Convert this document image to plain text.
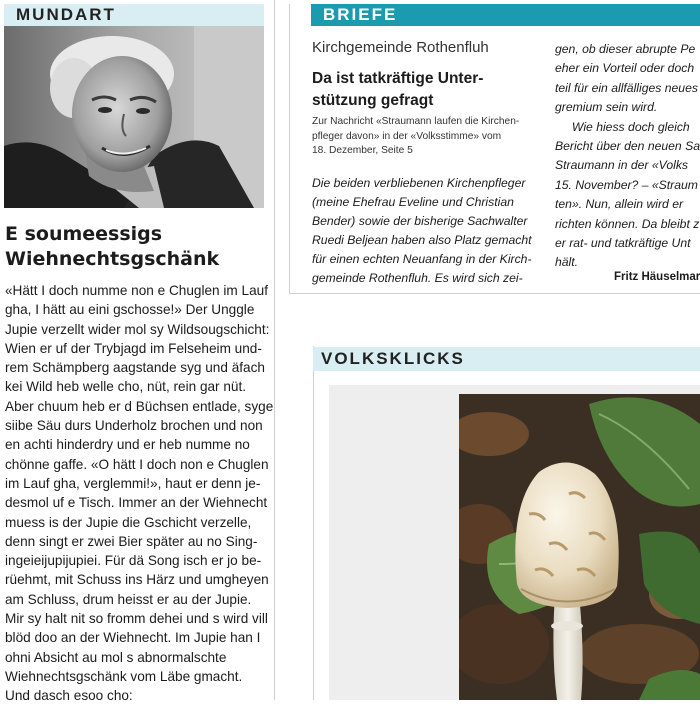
MUNDART
E soumeessigs
Wiehnechtsgschänk
«Hätt I doch numme non e Chuglen im Lauf
gha, I hätt au eini gschosse!» Der Unggle
Jupie verzellt wider mol sy Wildsougschicht:
Wien er uf der Trybjagd im Felseheim und-
rem Schämpberg aagstande syg und äfach
kei Wild heb welle cho, nüt, rein gar nüt.
Aber chuum heb er d Büchsen entlade, syge
siibe Säu durs Underholz brochen und non
en achti hinderdry und er heb numme no
chönne gaffe. «O hätt I doch non e Chuglen
im Lauf gha, verglemmi!», haut er denn je-
desmol uf e Tisch. Immer an der Wiehnecht
muess is der Jupie die Gschicht verzelle,
denn singt er zwei Bier später au no Sing-
ingeieijupijupiei. Für dä Song isch er jo be-
rüehmt, mit Schuss ins Härz und umgheyen
am Schluss, drum heisst er au der Jupie.
Mir sy halt nit so fromm dehei und s wird vill
blöd doo an der Wiehnecht. Im Jupie han I
ohni Absicht au mol s abnormalschte
Wiehnechtsgschänk vom Läbe gmacht.
Und dasch esoo cho:
BRIEFE
Kirchgemeinde Rothenfluh
Da ist tatkräftige Unter-
stützung gefragt
Zur Nachricht «Straumann laufen die Kirchen-
pfleger davon» in der «Volksstimme» vom
18. Dezember, Seite 5
Die beiden verbliebenen Kirchenpfleger
(meine Ehefrau Eveline und Christian
Bender) sowie der bisherige Sachwalter
Ruedi Beljean haben also Platz gemacht
für einen echten Neuanfang in der Kirch-
gemeinde Rothenfluh. Es wird sich zei-
gen, ob dieser abrupte Pe
eher ein Vorteil oder doch
teil für ein allfälliges neues
gremium sein wird.
Wie hiess doch gleich
Bericht über den neuen Sa
Straumann in der «Volks
15. November? – «Straum
ten». Nun, allein wird er
richten können. Da bleibt z
er rat- und tatkräftige Unt
hält.
Fritz Häuselmar
VOLKSKLICKS
